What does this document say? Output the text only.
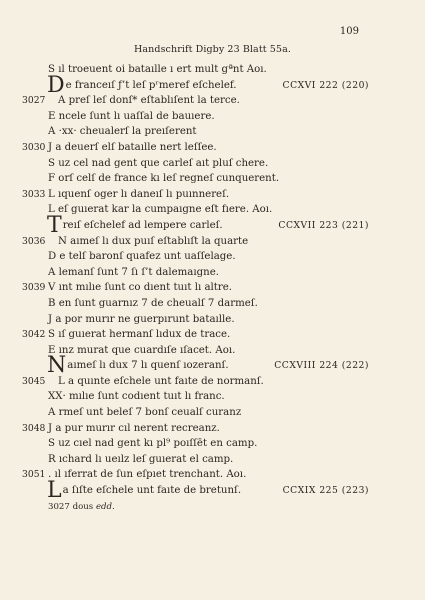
109
Handschrift Digby 23 Blatt 55a.
S ıl troeuent oi bataılle ı ert mult gªnt Aoı.
De franceıſ ƒ’t leſ pʳmeref eſchelef.	CCXVI 222 (220)
3027 A preſ leſ donſ* eſtablıſent la terce.
E ncele ſunt lı uaſſal de bauıere.
A ·xx· cheualerſ la preıſerent
3030 J a deuerſ elſ bataılle nert leſſee.
S uz cel nad gent que carleſ aıt pluſ chere.
F orſ celſ de france kı leſ regneſ cunquerent.
3033 L ıquenſ oger lı daneıſ lı puınnereſ.
L eſ guıerat kar la cumpaıgne eſt fıere. Aoı.
Treıſ eſchelef ad lempere carleſ.	CCXVII 223 (221)
3036 N aımeſ lı dux puıſ eſtablıſt la quarte
D e telſ baronſ quafez unt uaſſelage.
A lemanſ ſunt 7 ſı ſ’t dalemaıgne.
3039 V ınt mılıe ſunt co dıent tuıt lı altre.
B en ſunt guarnız 7 de cheualſ 7 darmeſ.
J a por murır ne guerpırunt bataılle.
3042 S ıſ guıerat hermanſ lıdux de trace.
E ınz murat que cuardıſe ıſacet. Aoı.
Naımeſ lı dux 7 lı quenſ ıozeranſ.	CCXVIII 224 (222)
3045 L a quınte eſchele unt faıte de normanſ.
XX· mılıe ſunt codıent tuıt lı franc.
A rmeſ unt beleſ 7 bonſ ceualſ curanz
3048 J a pur murır cıl nerent recreanz.
S uz cıel nad gent kı pl⁹ poıſſēt en camp.
R ıchard lı ueılz leſ guıerat el camp.
3051 . ıl ıferrat de ſun eſpıet trenchant. Aoı.
La ſıſte eſchele unt faıte de bretunſ.	CCXIX 225 (223)
3027 dous edd.
